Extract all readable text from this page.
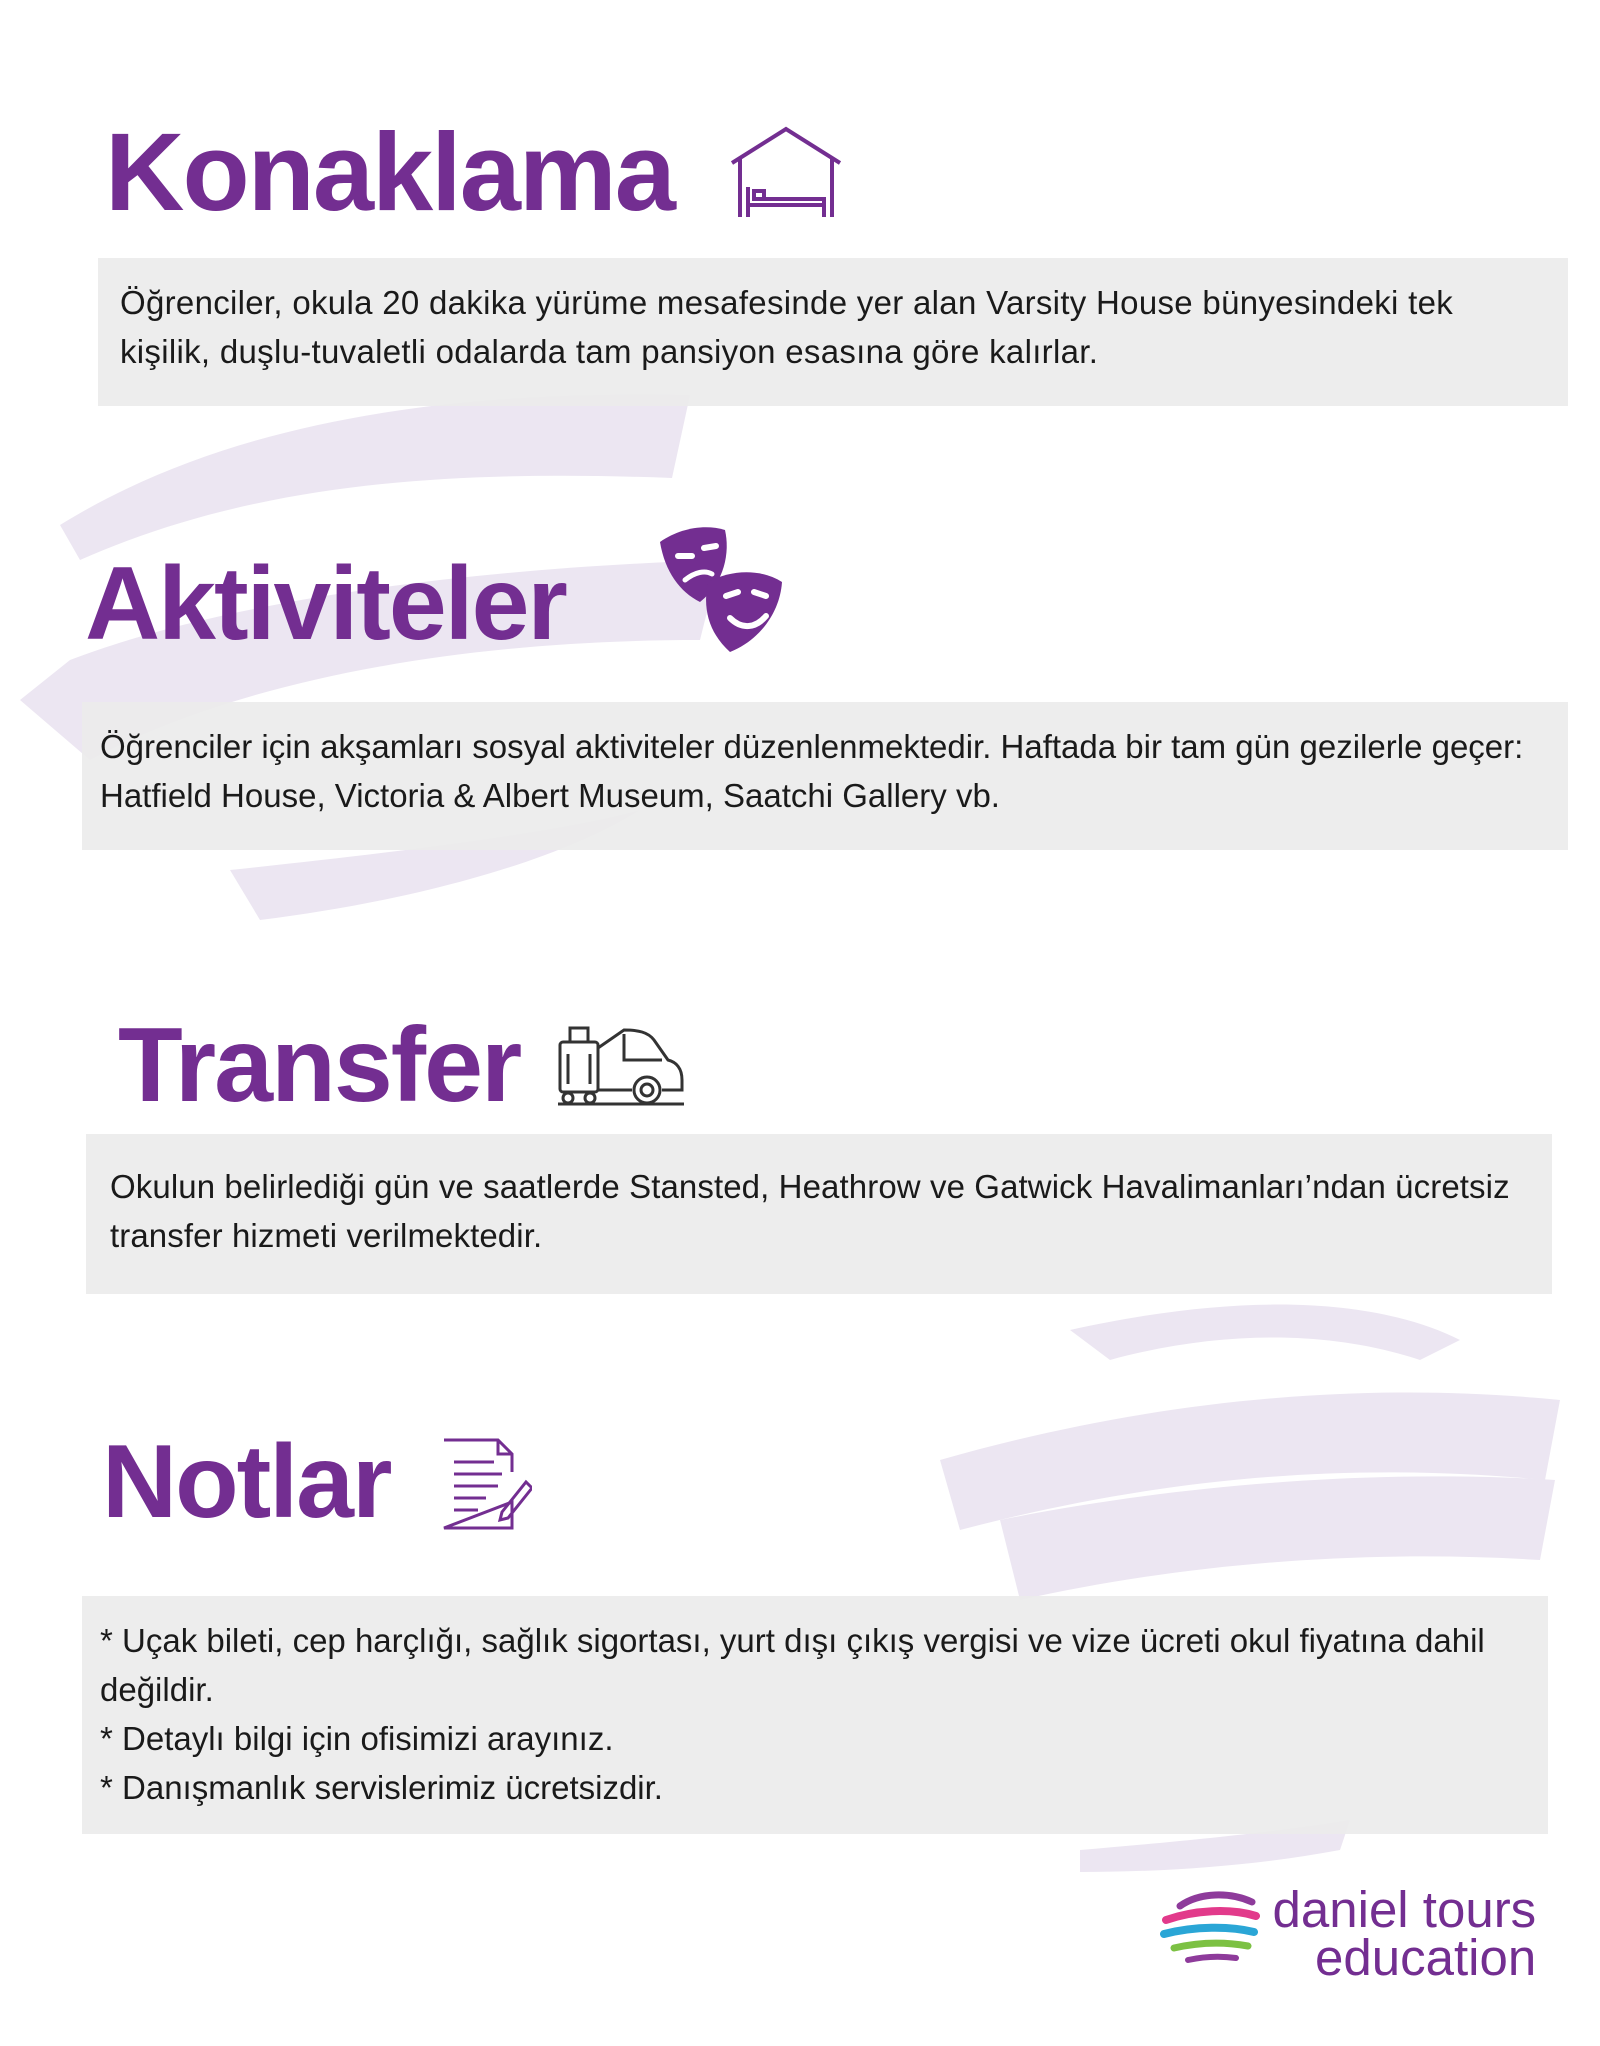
Konaklama

Öğrenciler, okula 20 dakika yürüme mesafesinde yer alan Varsity House bünyesindeki tek kişilik, duşlu-tuvaletli odalarda tam pansiyon esasına göre kalırlar.

Aktiviteler

Öğrenciler için akşamları sosyal aktiviteler düzenlenmektedir. Haftada bir tam gün gezilerle geçer: Hatfield House, Victoria & Albert Museum, Saatchi Gallery vb.

Transfer

Okulun belirlediği gün ve saatlerde Stansted, Heathrow ve Gatwick Havalimanları’ndan ücretsiz transfer hizmeti verilmektedir.

Notlar

* Uçak bileti, cep harçlığı, sağlık sigortası, yurt dışı çıkış vergisi ve vize ücreti okul fiyatına dahil değildir.

* Detaylı bilgi için ofisimizi arayınız.

* Danışmanlık servislerimiz ücretsizdir.

daniel tours
education
